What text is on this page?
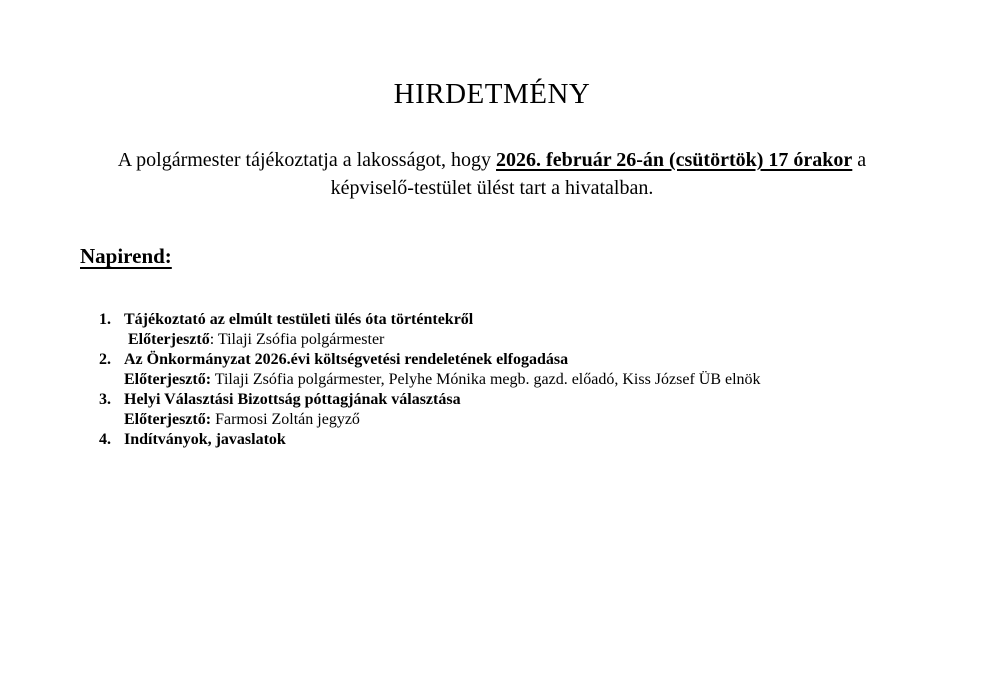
HIRDETMÉNY

A polgármester tájékoztatja a lakosságot, hogy 2026. február 26-án (csütörtök) 17 órakor a
képviselő-testület ülést tart a hivatalban.

Napirend:
1. Tájékoztató az elmúlt testületi ülés óta történtekről
Előterjesztő: Tilaji Zsófia polgármester
2. Az Önkormányzat 2026.évi költségvetési rendeletének elfogadása
Előterjesztő: Tilaji Zsófia polgármester, Pelyhe Mónika megb. gazd. előadó, Kiss József ÜB elnök
3. Helyi Választási Bizottság póttagjának választása
Előterjesztő: Farmosi Zoltán jegyző
4. Indítványok, javaslatok
